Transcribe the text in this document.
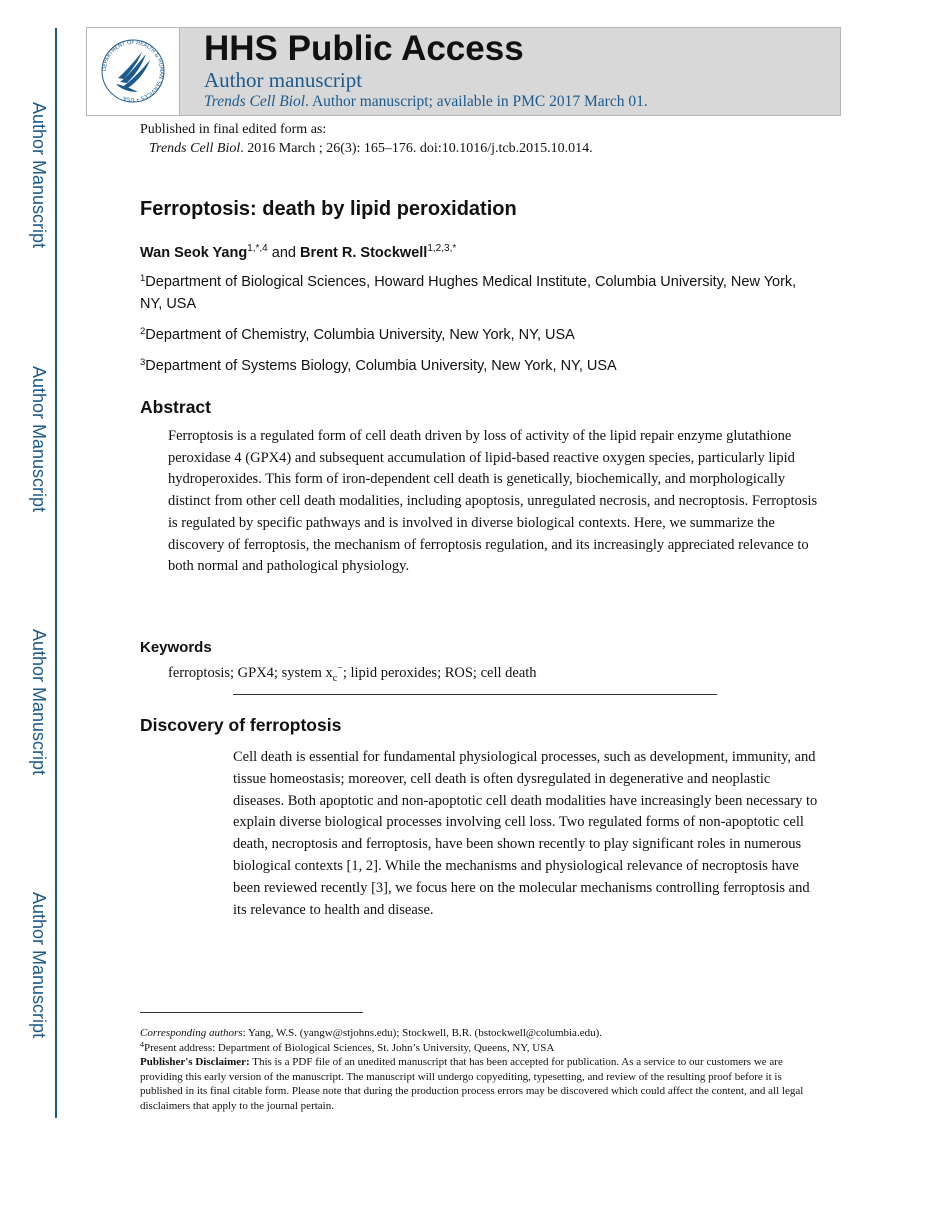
Author Manuscript
Author Manuscript
Author Manuscript
Author Manuscript
DEPARTMENT OF HEALTH & HUMAN SERVICES • USA
HHS Public Access
Author manuscript
Trends Cell Biol. Author manuscript; available in PMC 2017 March 01.
Published in final edited form as:
Trends Cell Biol. 2016 March ; 26(3): 165–176. doi:10.1016/j.tcb.2015.10.014.
Ferroptosis: death by lipid peroxidation
Wan Seok Yang$^{1,*,4}$ and Brent R. Stockwell$^{1,2,3,*}$
$^1$Department of Biological Sciences, Howard Hughes Medical Institute, Columbia University, New York, NY, USA
$^2$Department of Chemistry, Columbia University, New York, NY, USA
$^3$Department of Systems Biology, Columbia University, New York, NY, USA
Abstract
Ferroptosis is a regulated form of cell death driven by loss of activity of the lipid repair enzyme glutathione peroxidase 4 (GPX4) and subsequent accumulation of lipid-based reactive oxygen species, particularly lipid hydroperoxides. This form of iron-dependent cell death is genetically, biochemically, and morphologically distinct from other cell death modalities, including apoptosis, unregulated necrosis, and necroptosis. Ferroptosis is regulated by specific pathways and is involved in diverse biological contexts. Here, we summarize the discovery of ferroptosis, the mechanism of ferroptosis regulation, and its increasingly appreciated relevance to both normal and pathological physiology.
Keywords
ferroptosis; GPX4; system $x_c^-$; lipid peroxides; ROS; cell death
Discovery of ferroptosis
Cell death is essential for fundamental physiological processes, such as development, immunity, and tissue homeostasis; moreover, cell death is often dysregulated in degenerative and neoplastic diseases. Both apoptotic and non-apoptotic cell death modalities have increasingly been necessary to explain diverse biological processes involving cell loss. Two regulated forms of non-apoptotic cell death, necroptosis and ferroptosis, have been shown recently to play significant roles in numerous biological contexts [1, 2]. While the mechanisms and physiological relevance of necroptosis have been reviewed recently [3], we focus here on the molecular mechanisms controlling ferroptosis and its relevance to health and disease.

Corresponding authors: Yang, W.S. (yangw@stjohns.edu); Stockwell, B.R. (bstockwell@columbia.edu).

$^4$Present address: Department of Biological Sciences, St. John’s University, Queens, NY, USA

Publisher's Disclaimer: This is a PDF file of an unedited manuscript that has been accepted for publication. As a service to our customers we are providing this early version of the manuscript. The manuscript will undergo copyediting, typesetting, and review of the resulting proof before it is published in its final citable form. Please note that during the production process errors may be discovered which could affect the content, and all legal disclaimers that apply to the journal pertain.
